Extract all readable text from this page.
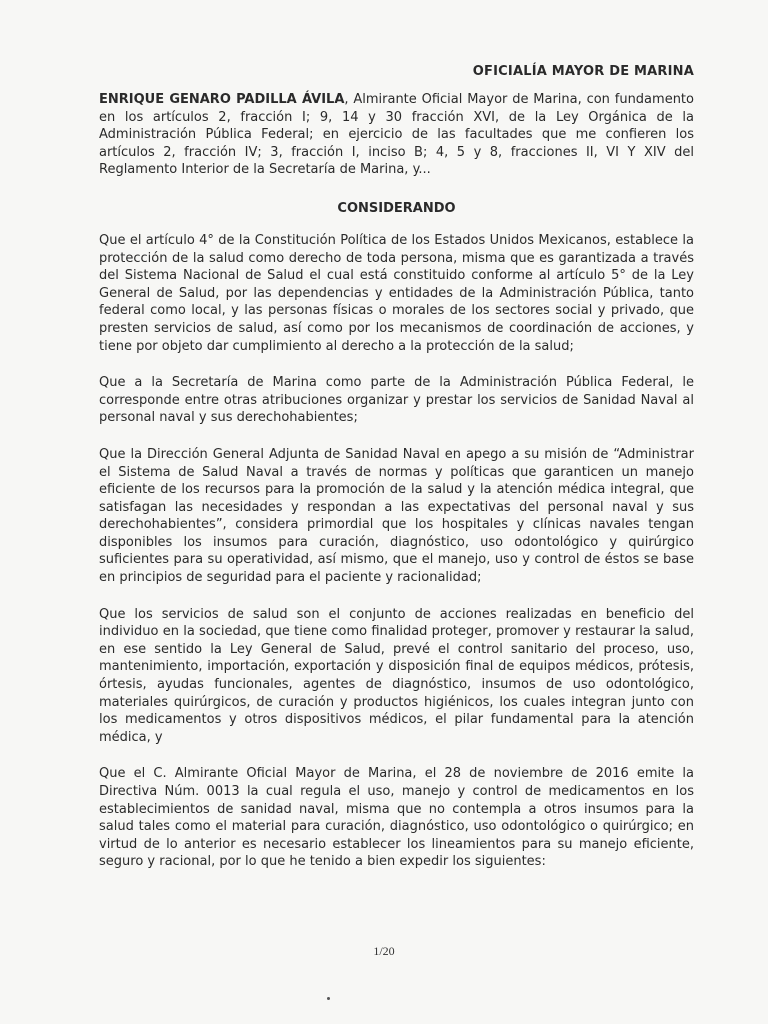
OFICIALÍA MAYOR DE MARINA

ENRIQUE GENARO PADILLA ÁVILA, Almirante Oficial Mayor de Marina, con fundamento en los artículos 2, fracción I; 9, 14 y 30 fracción XVI, de la Ley Orgánica de la Administración Pública Federal; en ejercicio de las facultades que me confieren los artículos 2, fracción IV; 3, fracción I, inciso B; 4, 5 y 8, fracciones II, VI Y XIV del Reglamento Interior de la Secretaría de Marina, y...

CONSIDERANDO

Que el artículo 4° de la Constitución Política de los Estados Unidos Mexicanos, establece la protección de la salud como derecho de toda persona, misma que es garantizada a través del Sistema Nacional de Salud el cual está constituido conforme al artículo 5° de la Ley General de Salud, por las dependencias y entidades de la Administración Pública, tanto federal como local, y las personas físicas o morales de los sectores social y privado, que presten servicios de salud, así como por los mecanismos de coordinación de acciones, y tiene por objeto dar cumplimiento al derecho a la protección de la salud;

Que a la Secretaría de Marina como parte de la Administración Pública Federal, le corresponde entre otras atribuciones organizar y prestar los servicios de Sanidad Naval al personal naval y sus derechohabientes;

Que la Dirección General Adjunta de Sanidad Naval en apego a su misión de “Administrar el Sistema de Salud Naval a través de normas y políticas que garanticen un manejo eficiente de los recursos para la promoción de la salud y la atención médica integral, que satisfagan las necesidades y respondan a las expectativas del personal naval y sus derechohabientes”, considera primordial que los hospitales y clínicas navales tengan disponibles los insumos para curación, diagnóstico, uso odontológico y quirúrgico suficientes para su operatividad, así mismo, que el manejo, uso y control de éstos se base en principios de seguridad para el paciente y racionalidad;

Que los servicios de salud son el conjunto de acciones realizadas en beneficio del individuo en la sociedad, que tiene como finalidad proteger, promover y restaurar la salud, en ese sentido la Ley General de Salud, prevé el control sanitario del proceso, uso, mantenimiento, importación, exportación y disposición final de equipos médicos, prótesis, órtesis, ayudas funcionales, agentes de diagnóstico, insumos de uso odontológico, materiales quirúrgicos, de curación y productos higiénicos, los cuales integran junto con los medicamentos y otros dispositivos médicos, el pilar fundamental para la atención médica, y

Que el C. Almirante Oficial Mayor de Marina, el 28 de noviembre de 2016 emite la Directiva Núm. 0013 la cual regula el uso, manejo y control de medicamentos en los establecimientos de sanidad naval, misma que no contempla a otros insumos para la salud tales como el material para curación, diagnóstico, uso odontológico o quirúrgico; en virtud de lo anterior es necesario establecer los lineamientos para su manejo eficiente, seguro y racional, por lo que he tenido a bien expedir los siguientes:

1/20
